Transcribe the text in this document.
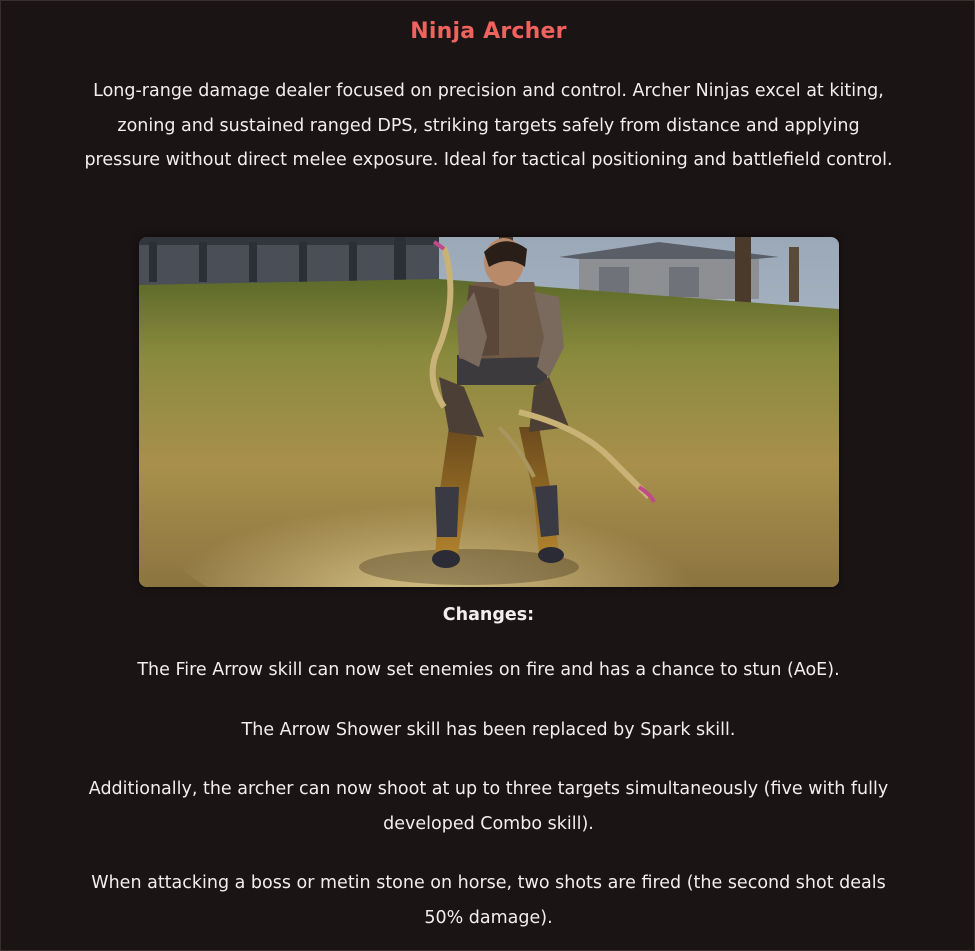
Ninja Archer
Long-range damage dealer focused on precision and control. Archer Ninjas excel at kiting, zoning and sustained ranged DPS, striking targets safely from distance and applying pressure without direct melee exposure. Ideal for tactical positioning and battlefield control.
Changes:
The Fire Arrow skill can now set enemies on fire and has a chance to stun (AoE).
The Arrow Shower skill has been replaced by Spark skill.
Additionally, the archer can now shoot at up to three targets simultaneously (five with fully developed Combo skill).
When attacking a boss or metin stone on horse, two shots are fired (the second shot deals 50% damage).
